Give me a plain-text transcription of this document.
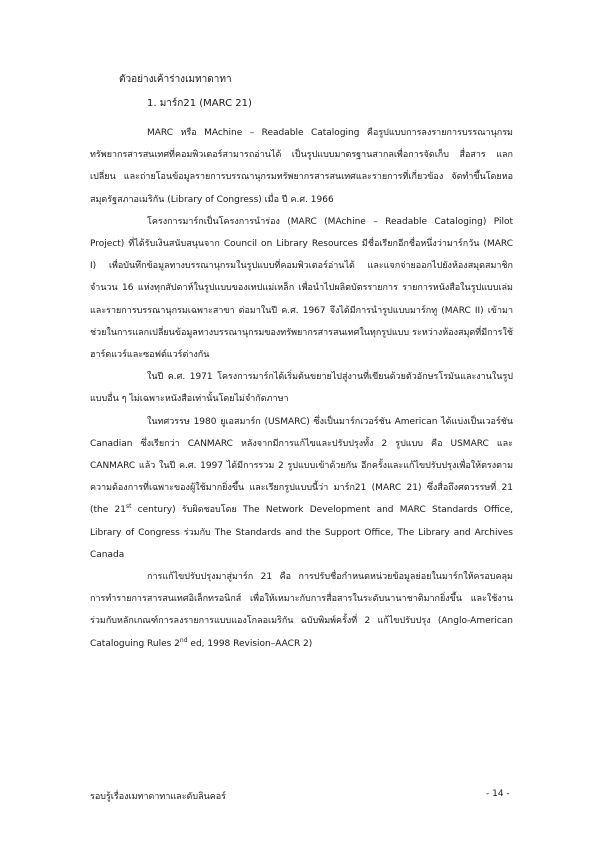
ตัวอย่างเค้าร่างเมทาดาทา
1. มาร์ก21 (MARC 21)

MARC หรือ MAchine – Readable Cataloging คือรูปแบบการลงรายการบรรณานุกรมทรัพยากรสารสนเทศที่คอมพิวเตอร์สามารถอ่านได้ เป็นรูปแบบมาตรฐานสากลเพื่อการจัดเก็บ สื่อสาร แลกเปลี่ยน และถ่ายโอนข้อมูลรายการบรรณานุกรมทรัพยากรสารสนเทศและรายการที่เกี่ยวข้อง จัดทำขึ้นโดยหอสมุดรัฐสภาอเมริกัน (Library of Congress) เมื่อ ปี ค.ศ. 1966

โครงการมาร์กเป็นโครงการนำร่อง (MARC (MAchine – Readable Cataloging) Pilot Project) ที่ได้รับเงินสนับสนุนจาก Council on Library Resources มีชื่อเรียกอีกชื่อหนึ่งว่ามาร์กวัน (MARC I) เพื่อบันทึกข้อมูลทางบรรณานุกรมในรูปแบบที่คอมพิวเตอร์อ่านได้ และแจกจ่ายออกไปยังห้องสมุดสมาชิกจำนวน 16 แห่งทุกสัปดาห์ในรูปแบบของเทปแม่เหล็ก เพื่อนำไปผลิตบัตรรายการ รายการหนังสือในรูปแบบเล่ม และรายการบรรณานุกรมเฉพาะสาขา ต่อมาในปี ค.ศ. 1967 จึงได้มีการนำรูปแบบมาร์กทู (MARC II) เข้ามาช่วยในการแลกเปลี่ยนข้อมูลทางบรรณานุกรมของทรัพยากรสารสนเทศในทุกรูปแบบ ระหว่างห้องสมุดที่มีการใช้ฮาร์ดแวร์และซอฟต์แวร์ต่างกัน

ในปี ค.ศ. 1971 โครงการมาร์กได้เริ่มต้นขยายไปสู่งานที่เขียนด้วยตัวอักษรโรมันและงานในรูปแบบอื่น ๆ ไม่เฉพาะหนังสือเท่านั้นโดยไม่จำกัดภาษา

ในทศวรรษ 1980 ยูเอสมาร์ก (USMARC) ซึ่งเป็นมาร์กเวอร์ชัน American ได้แบ่งเป็นเวอร์ชัน Canadian ซึ่งเรียกว่า CANMARC หลังจากมีการแก้ไขและปรับปรุงทั้ง 2 รูปแบบ คือ USMARC และ CANMARC แล้ว ในปี ค.ศ. 1997 ได้มีการรวม 2 รูปแบบเข้าด้วยกัน อีกครั้งและแก้ไขปรับปรุงเพื่อให้ตรงตามความต้องการที่เฉพาะของผู้ใช้มากยิ่งขึ้น และเรียกรูปแบบนี้ว่า มาร์ก21 (MARC 21) ซึ่งสื่อถึงศตวรรษที่ 21 (the 21st century) รับผิดชอบโดย The Network Development and MARC Standards Office, Library of Congress ร่วมกับ The Standards and the Support Office, The Library and Archives Canada

การแก้ไขปรับปรุงมาสู่มาร์ก 21 คือ การปรับชื่อกำหนดหน่วยข้อมูลย่อยในมาร์กให้ครอบคลุมการทำรายการสารสนเทศอิเล็กทรอนิกส์ เพื่อให้เหมาะกับการสื่อสารในระดับนานาชาติมากยิ่งขึ้น และใช้งานร่วมกับหลักเกณฑ์การลงรายการแบบแองโกลอเมริกัน ฉบับพิมพ์ครั้งที่ 2 แก้ไขปรับปรุง (Anglo-American Cataloguing Rules 2nd ed, 1998 Revision–AACR 2)

รอบรู้เรื่องเมทาดาทาและดับลินคอร์	- 14 -
